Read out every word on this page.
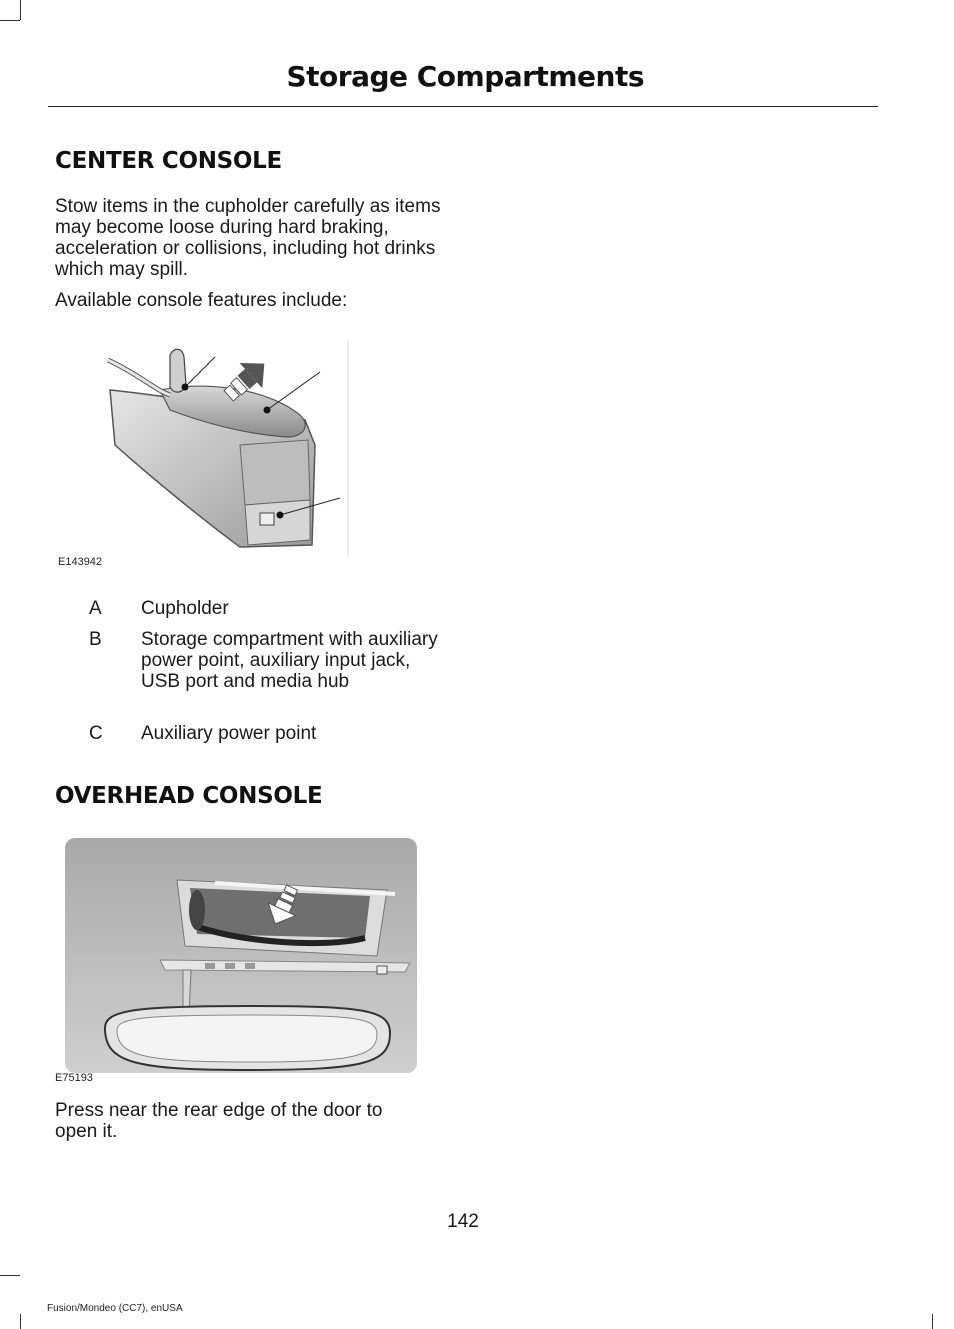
Storage Compartments
CENTER CONSOLE

Stow items in the cupholder carefully as items may become loose during hard braking, acceleration or collisions, including hot drinks which may spill.

Available console features include:

E143942
A Cupholder
B Storage compartment with auxiliary power point, auxiliary input jack, USB port and media hub
C Auxiliary power point
OVERHEAD CONSOLE
E75193

Press near the rear edge of the door to open it.

142
Fusion/Mondeo (CC7), enUSA
